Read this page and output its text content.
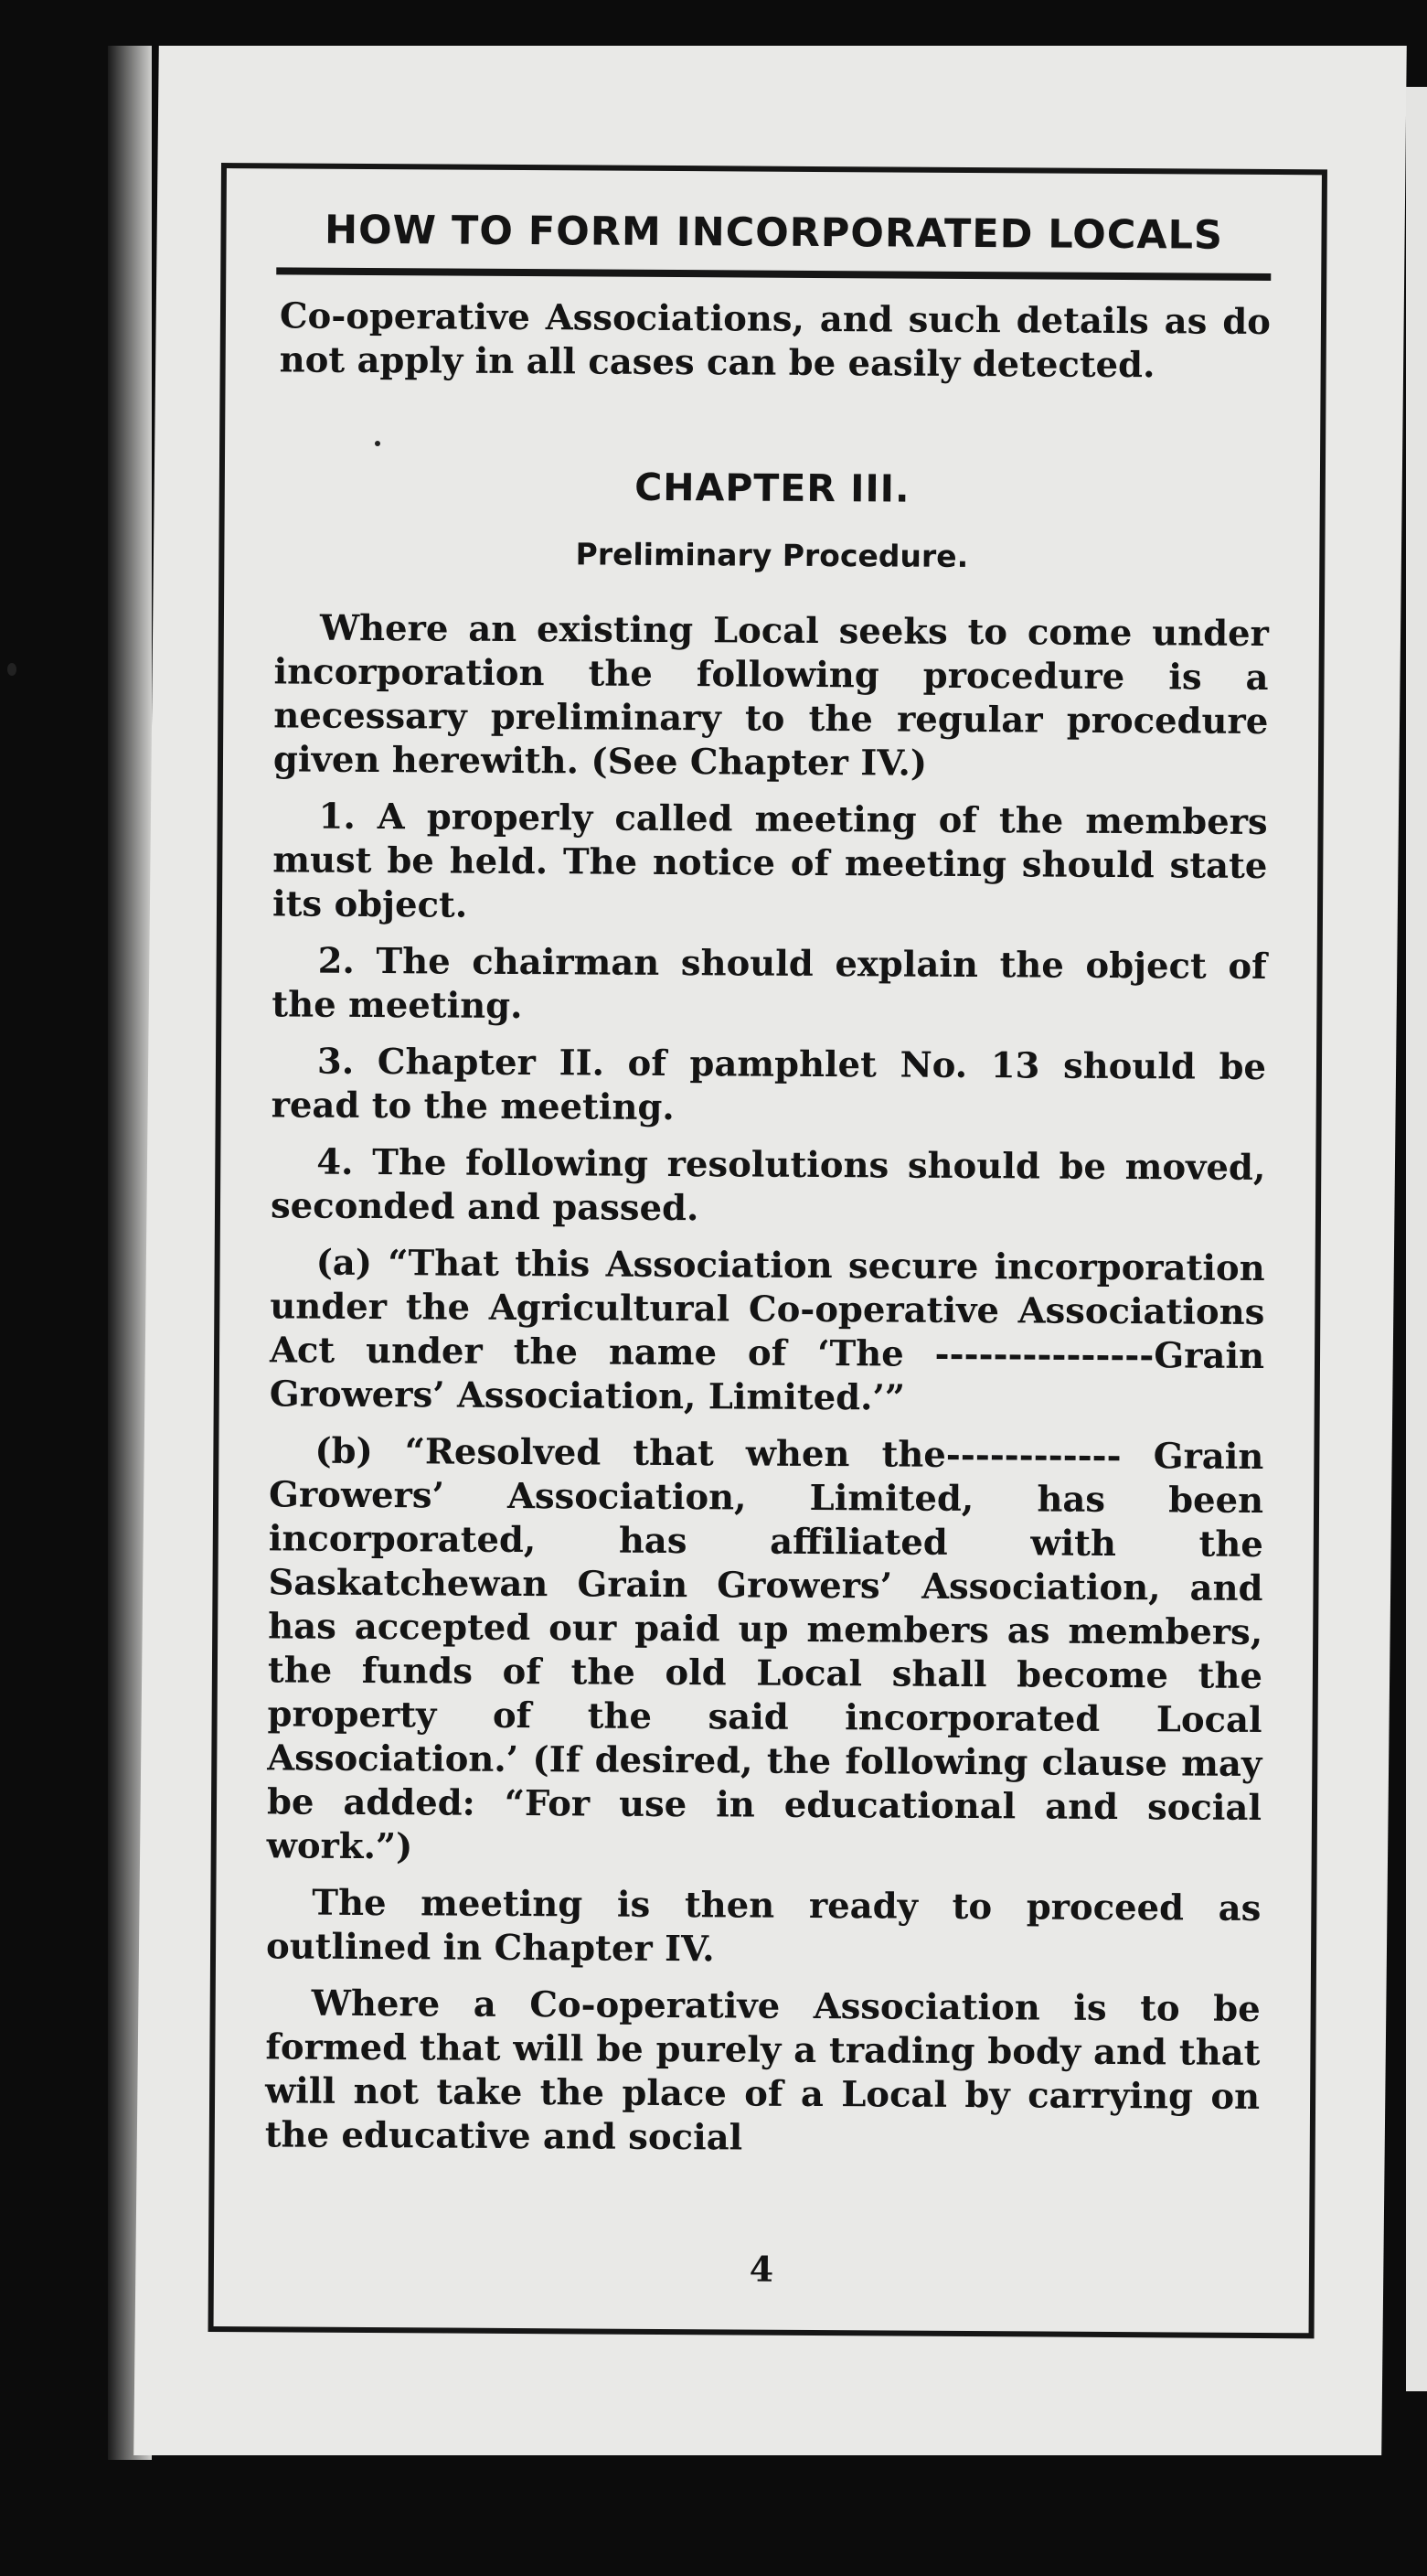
HOW TO FORM INCORPORATED LOCALS

Co-operative Associations, and such details as do not apply in all cases can be easily detected.

CHAPTER III.
Preliminary Procedure.

Where an existing Local seeks to come under incorporation the following procedure is a necessary preliminary to the regular procedure given herewith. (See Chapter IV.)

1. A properly called meeting of the members must be held. The notice of meeting should state its object.

2. The chairman should explain the object of the meeting.

3. Chapter II. of pamphlet No. 13 should be read to the meeting.

4. The following resolutions should be moved, seconded and passed.

(a) “That this Association secure incorporation under the Agricultural Co-operative Associations Act under the name of ‘The ---------------Grain Growers’ Association, Limited.’”

(b) “Resolved that when the------------ Grain Growers’ Association, Limited, has been incorporated, has affiliated with the Saskatchewan Grain Growers’ Association, and has accepted our paid up members as members, the funds of the old Local shall become the property of the said incorporated Local Association.’ (If desired, the following clause may be added: “For use in educational and social work.”)

The meeting is then ready to proceed as outlined in Chapter IV.

Where a Co-operative Association is to be formed that will be purely a trading body and that will not take the place of a Local by carrying on the educative and social

4
